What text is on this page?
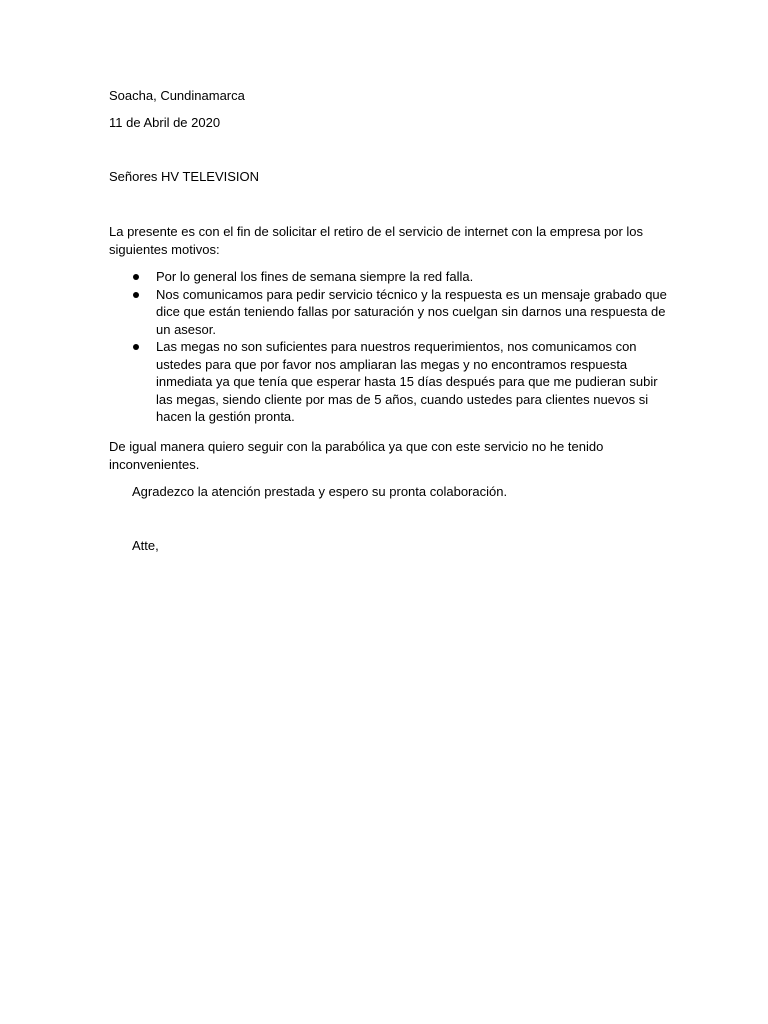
Soacha, Cundinamarca
11 de Abril de 2020
Señores HV TELEVISION
La presente es con el fin de solicitar el retiro de el servicio de internet con la empresa por los siguientes motivos:
Por lo general los fines de semana siempre la red falla.
Nos comunicamos para pedir servicio técnico y la respuesta es un mensaje grabado que dice que están teniendo fallas por saturación y nos cuelgan sin darnos una respuesta de un asesor.
Las megas no son suficientes para nuestros requerimientos, nos comunicamos con ustedes para que por favor nos ampliaran las megas y no encontramos respuesta inmediata ya que tenía que esperar hasta 15 días después para que me pudieran subir las megas, siendo cliente por mas de 5 años, cuando ustedes para clientes nuevos si hacen la gestión pronta.
De igual manera quiero seguir con la parabólica ya que con este servicio no he tenido inconvenientes.
Agradezco la atención prestada y espero su pronta colaboración.
Atte,
